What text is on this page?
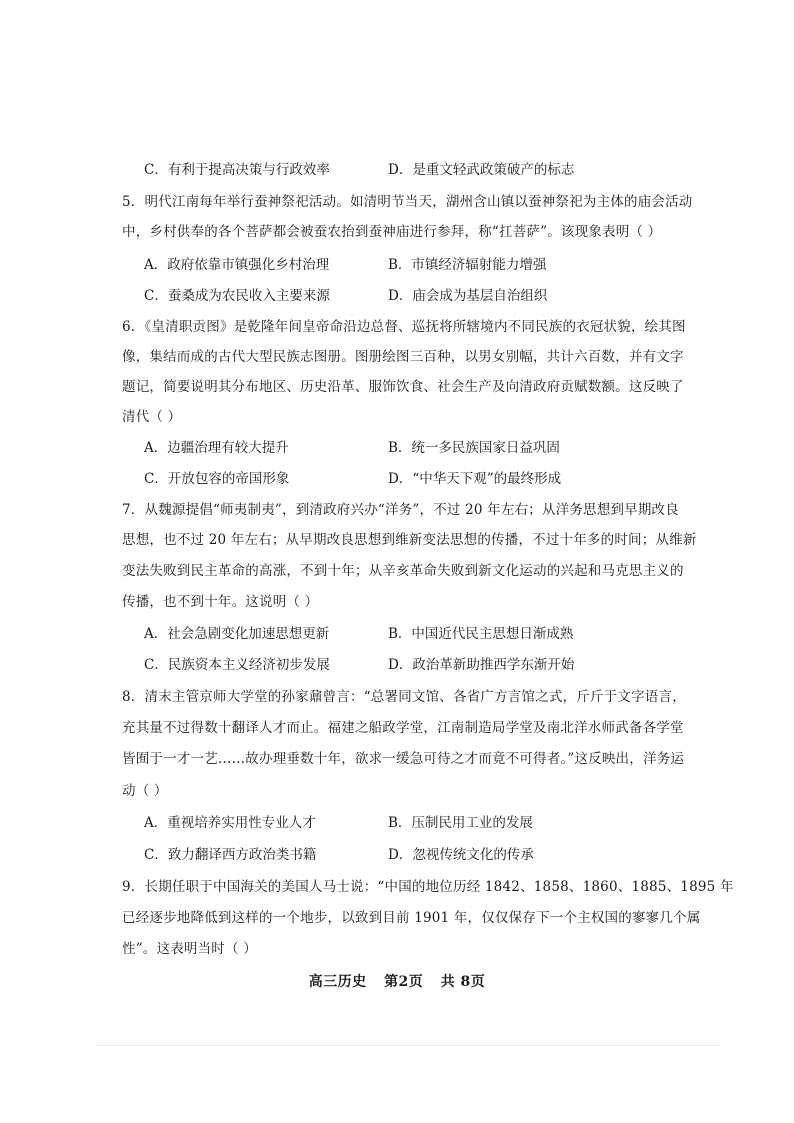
C．有利于提高决策与行政效率	D．是重文轻武政策破产的标志
5．明代江南每年举行蚕神祭祀活动。如清明节当天，湖州含山镇以蚕神祭祀为主体的庙会活动
中，乡村供奉的各个菩萨都会被蚕农抬到蚕神庙进行参拜，称“扛菩萨”。该现象表明（ ）
A．政府依靠市镇强化乡村治理	B．市镇经济辐射能力增强
C．蚕桑成为农民收入主要来源	D．庙会成为基层自治组织
6．《皇清职贡图》是乾隆年间皇帝命沿边总督、巡抚将所辖境内不同民族的衣冠状貌，绘其图
像，集结而成的古代大型民族志图册。图册绘图三百种，以男女别幅，共计六百数，并有文字
题记，简要说明其分布地区、历史沿革、服饰饮食、社会生产及向清政府贡赋数额。这反映了
清代（ ）
A．边疆治理有较大提升	B．统一多民族国家日益巩固
C．开放包容的帝国形象	D．“中华天下观”的最终形成
7．从魏源提倡“师夷制夷”，到清政府兴办“洋务”，不过 20 年左右；从洋务思想到早期改良
思想，也不过 20 年左右；从早期改良思想到维新变法思想的传播，不过十年多的时间；从维新
变法失败到民主革命的高涨，不到十年；从辛亥革命失败到新文化运动的兴起和马克思主义的
传播，也不到十年。这说明（ ）
A．社会急剧变化加速思想更新	B．中国近代民主思想日渐成熟
C．民族资本主义经济初步发展	D．政治革新助推西学东渐开始
8．清末主管京师大学堂的孙家鼐曾言：“总署同文馆、各省广方言馆之式，斤斤于文字语言，
充其量不过得数十翻译人才而止。福建之船政学堂，江南制造局学堂及南北洋水师武备各学堂
皆囿于一才一艺……故办理垂数十年，欲求一缓急可待之才而竟不可得者。”这反映出，洋务运
动（ ）
A．重视培养实用性专业人才	B．压制民用工业的发展
C．致力翻译西方政治类书籍	D．忽视传统文化的传承
9．长期任职于中国海关的美国人马士说：“中国的地位历经 1842、1858、1860、1885、1895 年
已经逐步地降低到这样的一个地步，以致到目前 1901 年，仅仅保存下一个主权国的寥寥几个属
性”。这表明当时（ ）
高三历史 第2页 共 8页
